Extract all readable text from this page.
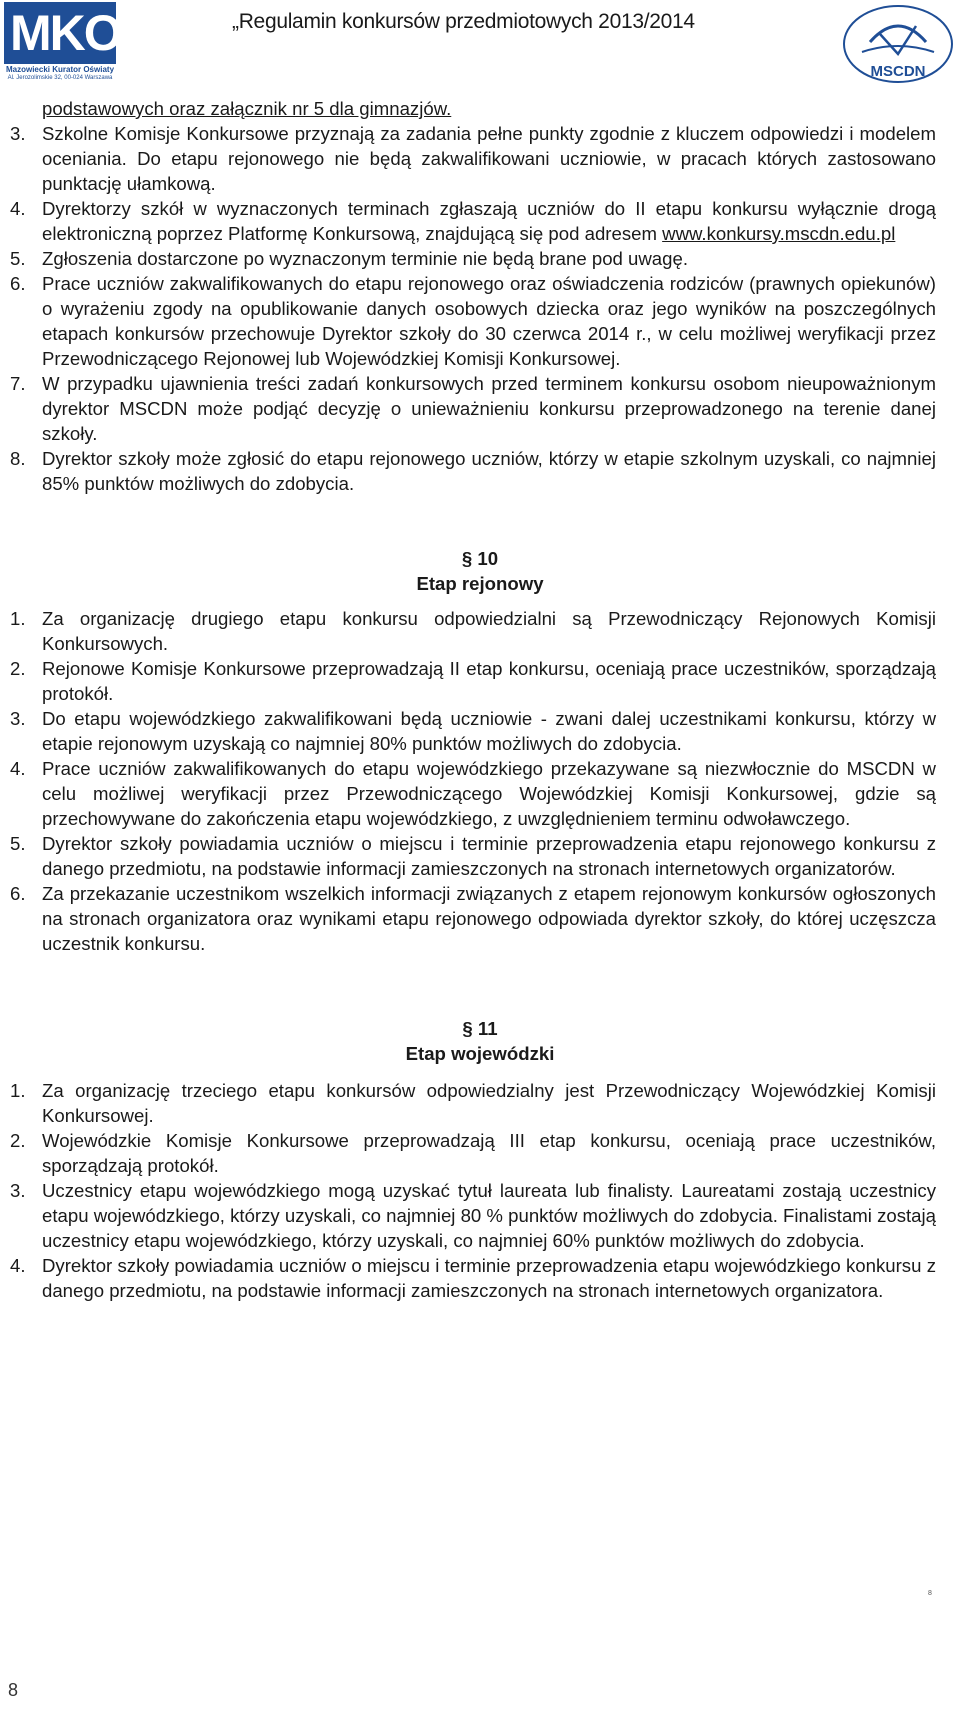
MKO
Mazowiecki Kurator Oświaty
Al. Jerozolimskie 32, 00-024 Warszawa
„Regulamin konkursów przedmiotowych 2013/2014
MSCDN

podstawowych oraz załącznik nr 5 dla gimnazjów.

3. Szkolne Komisje Konkursowe przyznają za zadania pełne punkty zgodnie z kluczem odpowiedzi i modelem oceniania. Do etapu rejonowego nie będą zakwalifikowani uczniowie, w pracach których zastosowano punktację ułamkową.

4. Dyrektorzy szkół w wyznaczonych terminach zgłaszają uczniów do II etapu konkursu wyłącznie drogą elektroniczną poprzez Platformę Konkursową, znajdującą się pod adresem www.konkursy.mscdn.edu.pl

5. Zgłoszenia dostarczone po wyznaczonym terminie nie będą brane pod uwagę.

6. Prace uczniów zakwalifikowanych do etapu rejonowego oraz oświadczenia rodziców (prawnych opiekunów) o wyrażeniu zgody na opublikowanie danych osobowych dziecka oraz jego wyników na poszczególnych etapach konkursów przechowuje Dyrektor szkoły do 30 czerwca 2014 r., w celu możliwej weryfikacji przez Przewodniczącego Rejonowej lub Wojewódzkiej Komisji Konkursowej.

7. W przypadku ujawnienia treści zadań konkursowych przed terminem konkursu osobom nieupoważnionym dyrektor MSCDN może podjąć decyzję o unieważnieniu konkursu przeprowadzonego na terenie danej szkoły.

8. Dyrektor szkoły może zgłosić do etapu rejonowego uczniów, którzy w etapie szkolnym uzyskali, co najmniej 85% punktów możliwych do zdobycia.

§ 10

Etap rejonowy

1. Za organizację drugiego etapu konkursu odpowiedzialni są Przewodniczący Rejonowych Komisji Konkursowych.

2. Rejonowe Komisje Konkursowe przeprowadzają II etap konkursu, oceniają prace uczestników, sporządzają protokół.

3. Do etapu wojewódzkiego zakwalifikowani będą uczniowie - zwani dalej uczestnikami konkursu, którzy w etapie rejonowym uzyskają co najmniej 80% punktów możliwych do zdobycia.

4. Prace uczniów zakwalifikowanych do etapu wojewódzkiego przekazywane są niezwłocznie do MSCDN w celu możliwej weryfikacji przez Przewodniczącego Wojewódzkiej Komisji Konkursowej, gdzie są przechowywane do zakończenia etapu wojewódzkiego, z uwzględnieniem terminu odwoławczego.

5. Dyrektor szkoły powiadamia uczniów o miejscu i terminie przeprowadzenia etapu rejonowego konkursu z danego przedmiotu, na podstawie informacji zamieszczonych na stronach internetowych organizatorów.

6. Za przekazanie uczestnikom wszelkich informacji związanych z etapem rejonowym konkursów ogłoszonych na stronach organizatora oraz wynikami etapu rejonowego odpowiada dyrektor szkoły, do której uczęszcza uczestnik konkursu.

§ 11

Etap wojewódzki

1. Za organizację trzeciego etapu konkursów odpowiedzialny jest Przewodniczący Wojewódzkiej Komisji Konkursowej.

2. Wojewódzkie Komisje Konkursowe przeprowadzają III etap konkursu, oceniają prace uczestników, sporządzają protokół.

3. Uczestnicy etapu wojewódzkiego mogą uzyskać tytuł laureata lub finalisty. Laureatami zostają uczestnicy etapu wojewódzkiego, którzy uzyskali, co najmniej 80 % punktów możliwych do zdobycia. Finalistami zostają uczestnicy etapu wojewódzkiego, którzy uzyskali, co najmniej 60% punktów możliwych do zdobycia.

4. Dyrektor szkoły powiadamia uczniów o miejscu i terminie przeprowadzenia etapu wojewódzkiego konkursu z danego przedmiotu, na podstawie informacji zamieszczonych na stronach internetowych organizatora.

8
8
